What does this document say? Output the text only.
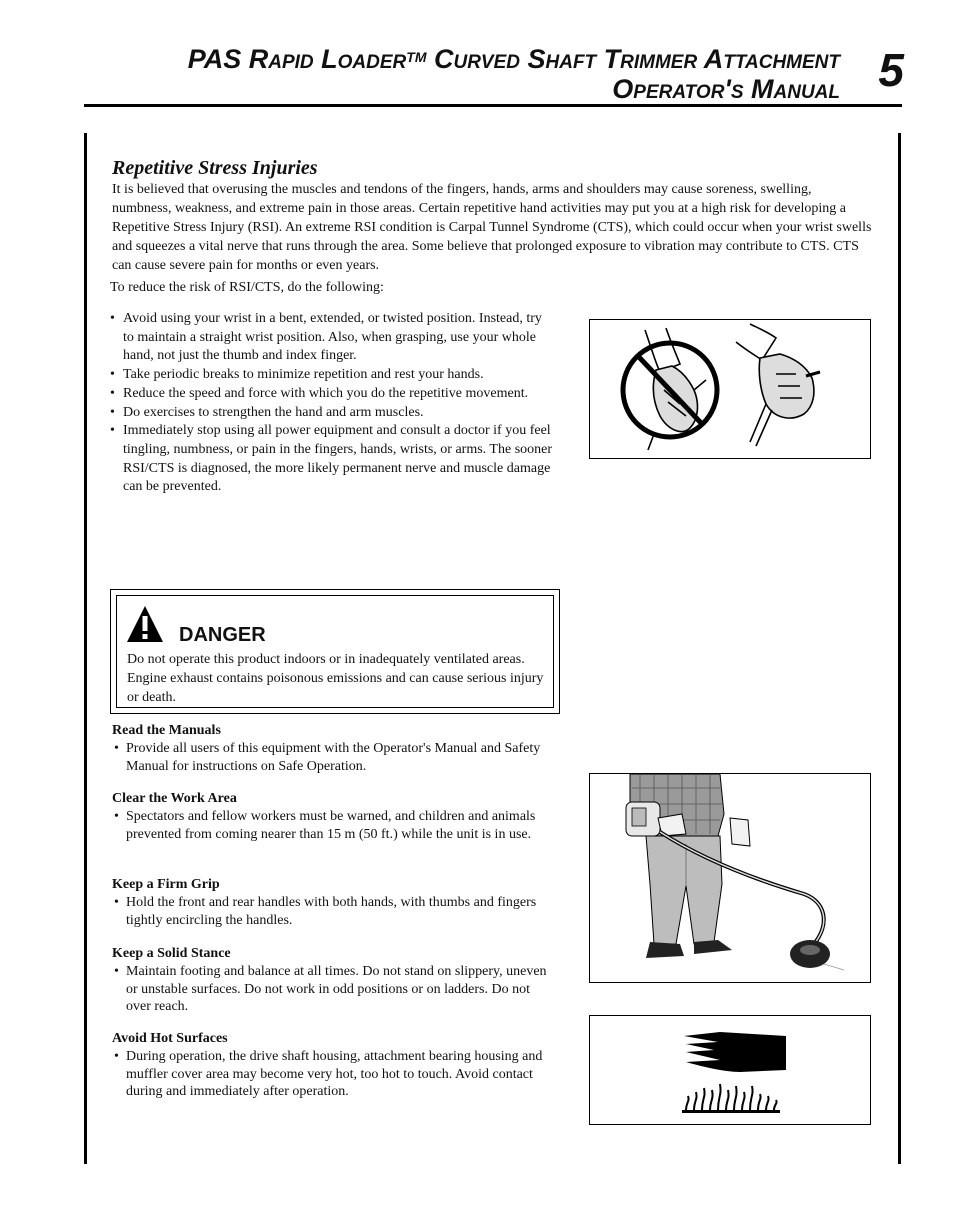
PAS Rapid Loader™ Curved Shaft Trimmer Attachment
Operator's Manual 5
Repetitive Stress Injuries
It is believed that overusing the muscles and tendons of the fingers, hands, arms and shoulders may cause soreness, swelling, numbness, weakness, and extreme pain in those areas. Certain repetitive hand activities may put you at a high risk for developing a Repetitive Stress Injury (RSI). An extreme RSI condition is Carpal Tunnel Syndrome (CTS), which could occur when your wrist swells and squeezes a vital nerve that runs through the area. Some believe that prolonged exposure to vibration may contribute to CTS. CTS can cause severe pain for months or even years.
To reduce the risk of RSI/CTS, do the following:
• Avoid using your wrist in a bent, extended, or twisted position. Instead, try to maintain a straight wrist position. Also, when grasping, use your whole hand, not just the thumb and index finger.
• Take periodic breaks to minimize repetition and rest your hands.
• Reduce the speed and force with which you do the repetitive movement.
• Do exercises to strengthen the hand and arm muscles.
• Immediately stop using all power equipment and consult a doctor if you feel tingling, numbness, or pain in the fingers, hands, wrists, or arms. The sooner RSI/CTS is diagnosed, the more likely permanent nerve and muscle damage can be prevented.
DANGER
Do not operate this product indoors or in inadequately ventilated areas. Engine exhaust contains poisonous emissions and can cause serious injury or death.
Read the Manuals
• Provide all users of this equipment with the Operator's Manual and Safety Manual for instructions on Safe Operation.
Clear the Work Area
• Spectators and fellow workers must be warned, and children and animals prevented from coming nearer than 15 m (50 ft.) while the unit is in use.
Keep a Firm Grip
• Hold the front and rear handles with both hands, with thumbs and fingers tightly encircling the handles.
Keep a Solid Stance
• Maintain footing and balance at all times. Do not stand on slippery, uneven or unstable surfaces. Do not work in odd positions or on ladders. Do not over reach.
Avoid Hot Surfaces
• During operation, the drive shaft housing, attachment bearing housing and muffler cover area may become very hot, too hot to touch. Avoid contact during and immediately after operation.
